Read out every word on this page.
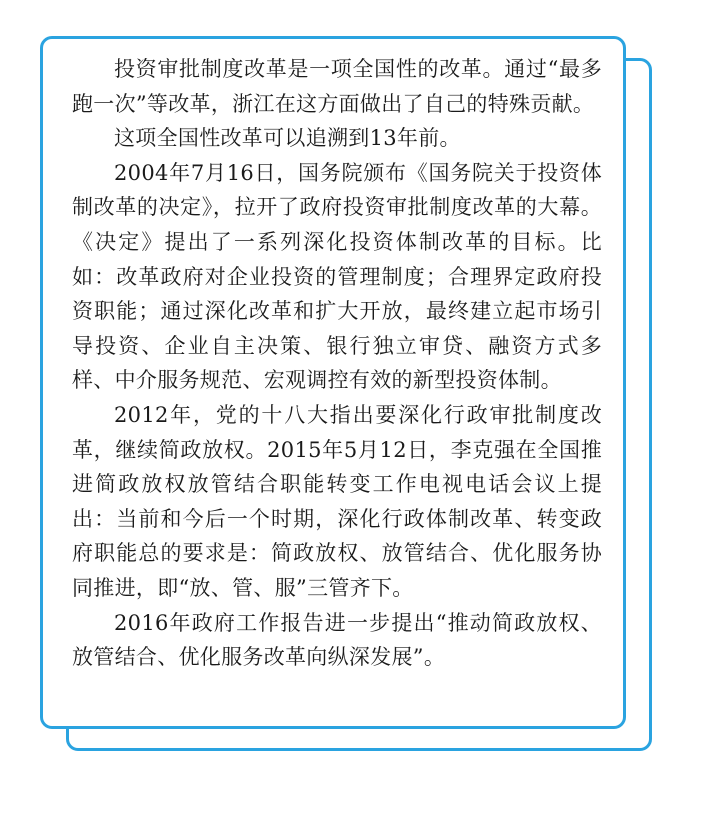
投资审批制度改革是一项全国性的改革。通过“最多跑一次”等改革，浙江在这方面做出了自己的特殊贡献。

这项全国性改革可以追溯到13年前。

2004年7月16日，国务院颁布《国务院关于投资体制改革的决定》，拉开了政府投资审批制度改革的大幕。《决定》提出了一系列深化投资体制改革的目标。比如：改革政府对企业投资的管理制度；合理界定政府投资职能；通过深化改革和扩大开放，最终建立起市场引导投资、企业自主决策、银行独立审贷、融资方式多样、中介服务规范、宏观调控有效的新型投资体制。

2012年，党的十八大指出要深化行政审批制度改革，继续简政放权。2015年5月12日，李克强在全国推进简政放权放管结合职能转变工作电视电话会议上提出：当前和今后一个时期，深化行政体制改革、转变政府职能总的要求是：简政放权、放管结合、优化服务协同推进，即“放、管、服”三管齐下。

2016年政府工作报告进一步提出“推动简政放权、放管结合、优化服务改革向纵深发展”。
